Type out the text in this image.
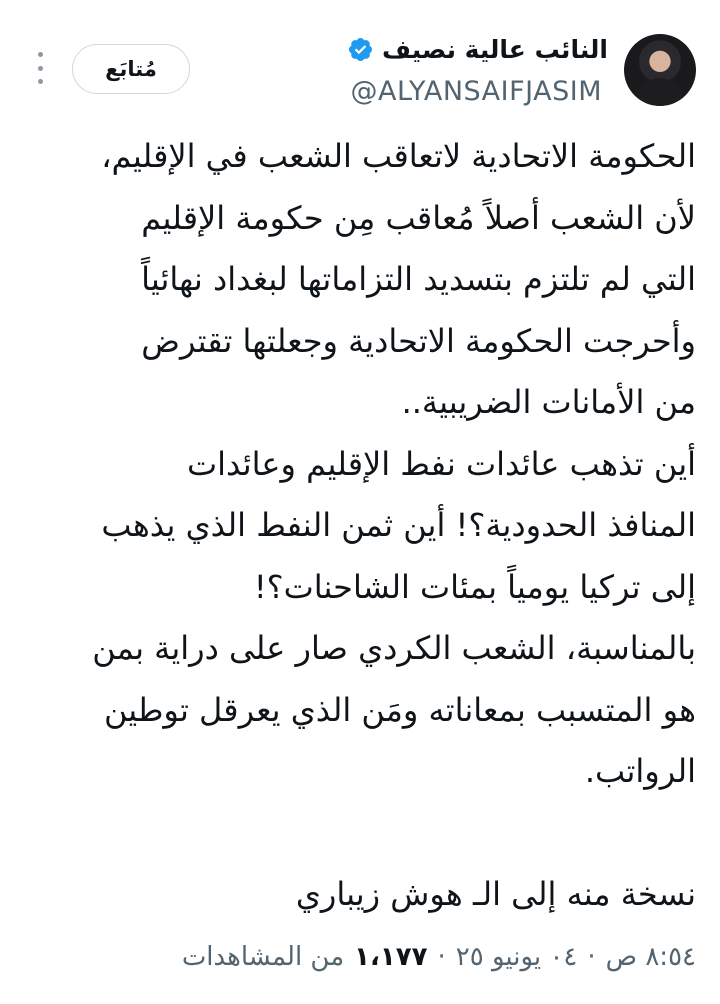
النائب عالية نصيف
@ALYANSAIFJASIM
مُتابَع
الحكومة الاتحادية لاتعاقب الشعب في الإقليم،
لأن الشعب أصلاً مُعاقب مِن حكومة الإقليم
التي لم تلتزم بتسديد التزاماتها لبغداد نهائياً
وأحرجت الحكومة الاتحادية وجعلتها تقترض
من الأمانات الضريبية..
أين تذهب عائدات نفط الإقليم وعائدات
المنافذ الحدودية؟! أين ثمن النفط الذي يذهب
إلى تركيا يومياً بمئات الشاحنات؟!
بالمناسبة، الشعب الكردي صار على دراية بمن
هو المتسبب بمعاناته ومَن الذي يعرقل توطين
الرواتب.
نسخة منه إلى الـ هوش زيباري
٨:٥٤ ص
·
٠٤ يونيو ٢٥
·
١،١٧٧
من المشاهدات
